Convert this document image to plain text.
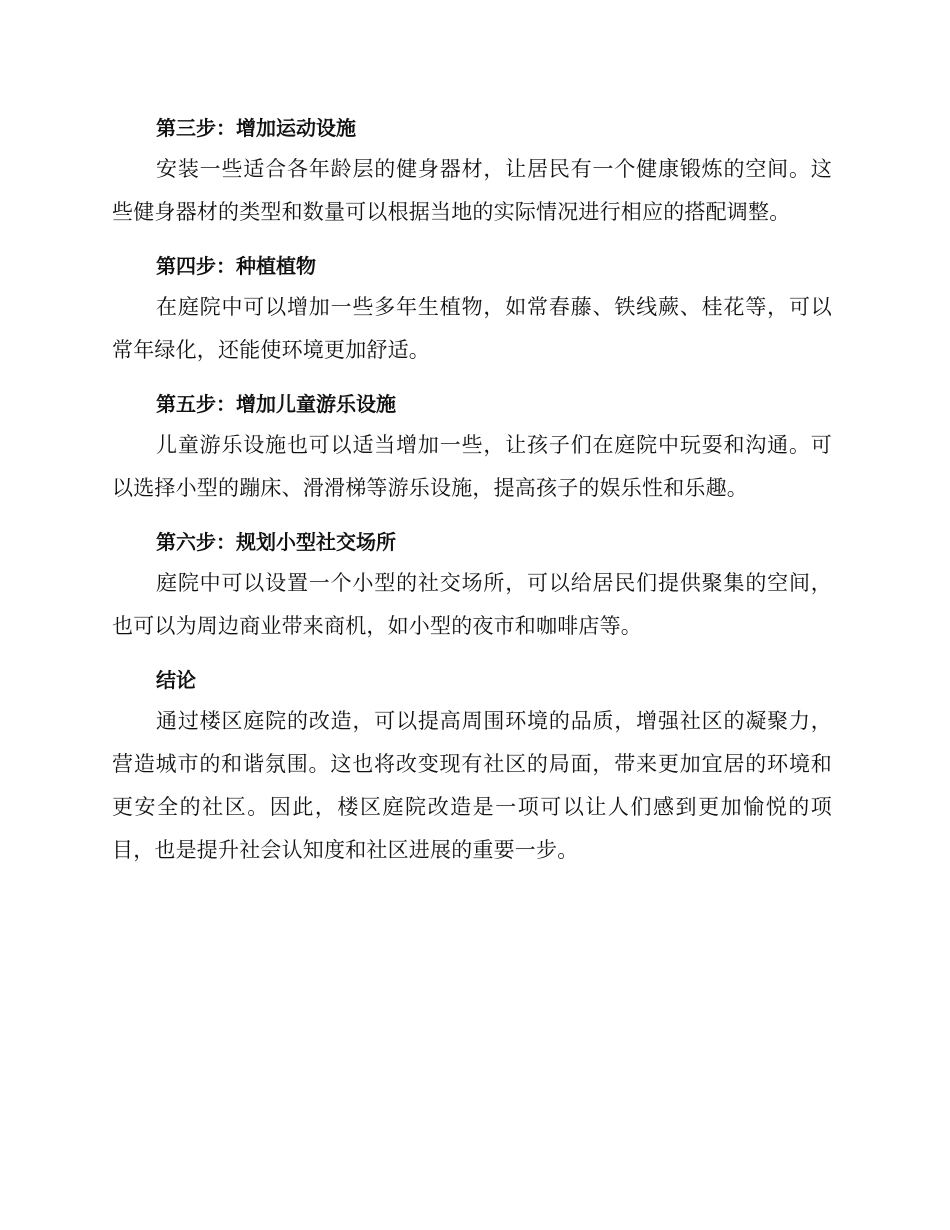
第三步：增加运动设施

安装一些适合各年龄层的健身器材，让居民有一个健康锻炼的空间。这些健身器材的类型和数量可以根据当地的实际情况进行相应的搭配调整。

第四步：种植植物

在庭院中可以增加一些多年生植物，如常春藤、铁线蕨、桂花等，可以常年绿化，还能使环境更加舒适。

第五步：增加儿童游乐设施

儿童游乐设施也可以适当增加一些，让孩子们在庭院中玩耍和沟通。可以选择小型的蹦床、滑滑梯等游乐设施，提高孩子的娱乐性和乐趣。

第六步：规划小型社交场所

庭院中可以设置一个小型的社交场所，可以给居民们提供聚集的空间，也可以为周边商业带来商机，如小型的夜市和咖啡店等。

结论

通过楼区庭院的改造，可以提高周围环境的品质，增强社区的凝聚力，营造城市的和谐氛围。这也将改变现有社区的局面，带来更加宜居的环境和更安全的社区。因此，楼区庭院改造是一项可以让人们感到更加愉悦的项目，也是提升社会认知度和社区进展的重要一步。
